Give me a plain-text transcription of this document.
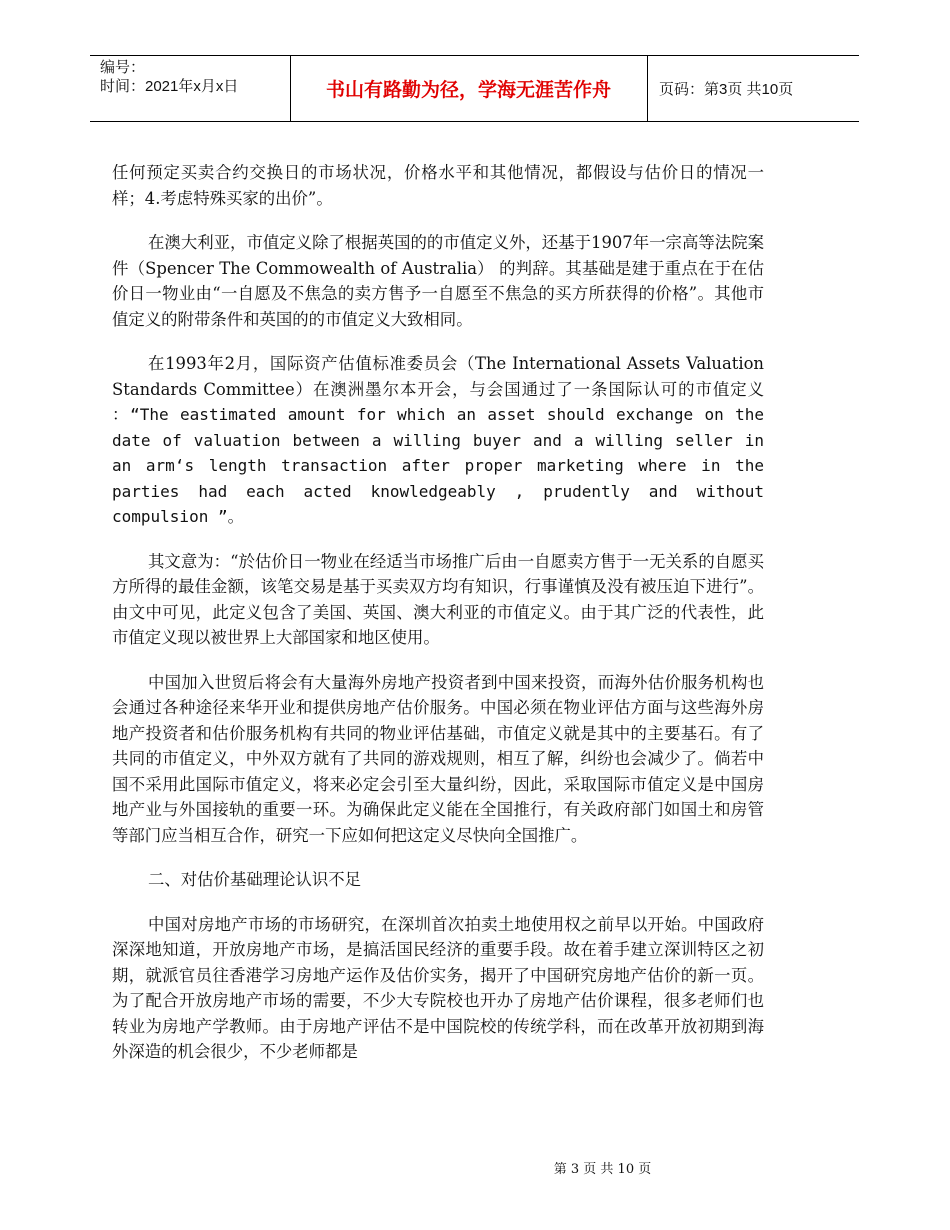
编号：
时间：2021年x月x日	书山有路勤为径，学海无涯苦作舟	页码：第3页 共10页

任何预定买卖合约交换日的市场状况，价格水平和其他情况，都假设与估价日的情况一样；4.考虑特殊买家的出价”。

在澳大利亚，市值定义除了根据英国的的市值定义外，还基于1907年一宗高等法院案件（Spencer The Commowealth of Australia） 的判辞。其基础是建于重点在于在估价日一物业由“一自愿及不焦急的卖方售予一自愿至不焦急的买方所获得的价格”。其他市值定义的附带条件和英国的的市值定义大致相同。

在1993年2月，国际资产估值标准委员会（The International Assets Valuation Standards Committee）在澳洲墨尔本开会，与会国通过了一条国际认可的市值定义 ：“The eastimated amount for which an asset should exchange on the date of valuation between a willing buyer and a willing seller in an arm‘s length transaction after proper marketing where in the parties had each acted knowledgeably , prudently and without compulsion ”。

其文意为：“於估价日一物业在经适当市场推广后由一自愿卖方售于一无关系的自愿买方所得的最佳金额，该笔交易是基于买卖双方均有知识，行事谨慎及没有被压迫下进行”。由文中可见，此定义包含了美国、英国、澳大利亚的市值定义。由于其广泛的代表性，此市值定义现以被世界上大部国家和地区使用。

中国加入世贸后将会有大量海外房地产投资者到中国来投资，而海外估价服务机构也会通过各种途径来华开业和提供房地产估价服务。中国必须在物业评估方面与这些海外房地产投资者和估价服务机构有共同的物业评估基础，市值定义就是其中的主要基石。有了共同的市值定义，中外双方就有了共同的游戏规则，相互了解，纠纷也会减少了。倘若中国不采用此国际市值定义，将来必定会引至大量纠纷，因此，采取国际市值定义是中国房地产业与外国接轨的重要一环。为确保此定义能在全国推行，有关政府部门如国土和房管等部门应当相互合作，研究一下应如何把这定义尽快向全国推广。

二、对估价基础理论认识不足

中国对房地产市场的市场研究，在深圳首次拍卖土地使用权之前早以开始。中国政府深深地知道，开放房地产市场，是搞活国民经济的重要手段。故在着手建立深训特区之初期，就派官员往香港学习房地产运作及估价实务，揭开了中国研究房地产估价的新一页。为了配合开放房地产市场的需要，不少大专院校也开办了房地产估价课程，很多老师们也转业为房地产学教师。由于房地产评估不是中国院校的传统学科，而在改革开放初期到海外深造的机会很少，不少老师都是

第 3 页 共 10 页
